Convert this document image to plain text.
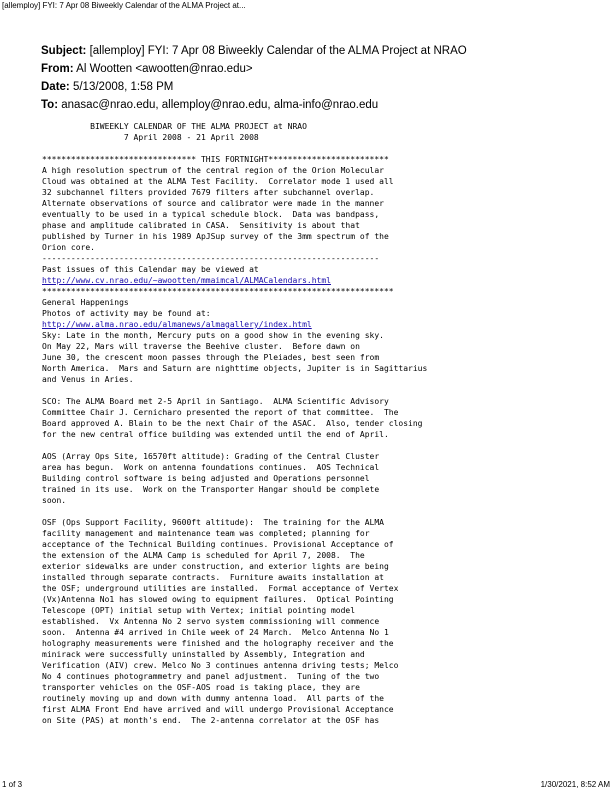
[allemploy] FYI: 7 Apr 08 Biweekly Calendar of the ALMA Project at...
Subject: [allemploy] FYI: 7 Apr 08 Biweekly Calendar of the ALMA Project at NRAO
From: Al Wootten <awootten@nrao.edu>
Date: 5/13/2008, 1:58 PM
To: anasac@nrao.edu, allemploy@nrao.edu, alma-info@nrao.edu
BIWEEKLY CALENDAR OF THE ALMA PROJECT at NRAO
7 April 2008 - 21 April 2008
******************************** THIS FORTNIGHT*************************
A high resolution spectrum of the central region of the Orion Molecular
Cloud was obtained at the ALMA Test Facility.  Correlator mode 1 used all
32 subchannel filters provided 7679 filters after subchannel overlap.
Alternate observations of source and calibrator were made in the manner
eventually to be used in a typical schedule block.  Data was bandpass,
phase and amplitude calibrated in CASA.  Sensitivity is about that
published by Turner in his 1989 ApJSup survey of the 3mm spectrum of the
Orion core.
----------------------------------------------------------------------
Past issues of this Calendar may be viewed at
http://www.cv.nrao.edu/~awootten/mmaimcal/ALMACalendars.html
*************************************************************************
General Happenings
Photos of activity may be found at:
http://www.alma.nrao.edu/almanews/almagallery/index.html
Sky: Late in the month, Mercury puts on a good show in the evening sky.
On May 22, Mars will traverse the Beehive cluster.  Before dawn on
June 30, the crescent moon passes through the Pleiades, best seen from
North America.  Mars and Saturn are nighttime objects, Jupiter is in Sagittarius
and Venus in Aries.
SCO: The ALMA Board met 2-5 April in Santiago.  ALMA Scientific Advisory
Committee Chair J. Cernicharo presented the report of that committee.  The
Board approved A. Blain to be the next Chair of the ASAC.  Also, tender closing
for the new central office building was extended until the end of April.
AOS (Array Ops Site, 16570ft altitude): Grading of the Central Cluster
area has begun.  Work on antenna foundations continues.  AOS Technical
Building control software is being adjusted and Operations personnel
trained in its use.  Work on the Transporter Hangar should be complete
soon.
OSF (Ops Support Facility, 9600ft altitude):  The training for the ALMA
facility management and maintenance team was completed; planning for
acceptance of the Technical Building continues. Provisional Acceptance of
the extension of the ALMA Camp is scheduled for April 7, 2008.  The
exterior sidewalks are under construction, and exterior lights are being
installed through separate contracts.  Furniture awaits installation at
the OSF; underground utilities are installed.  Formal acceptance of Vertex
(Vx)Antenna No1 has slowed owing to equipment failures.  Optical Pointing
Telescope (OPT) initial setup with Vertex; initial pointing model
established.  Vx Antenna No 2 servo system commissioning will commence
soon.  Antenna #4 arrived in Chile week of 24 March.  Melco Antenna No 1
holography measurements were finished and the holography receiver and the
minirack were successfully uninstalled by Assembly, Integration and
Verification (AIV) crew. Melco No 3 continues antenna driving tests; Melco
No 4 continues photogrammetry and panel adjustment.  Tuning of the two
transporter vehicles on the OSF-AOS road is taking place, they are
routinely moving up and down with dummy antenna load.  All parts of the
first ALMA Front End have arrived and will undergo Provisional Acceptance
on Site (PAS) at month's end.  The 2-antenna correlator at the OSF has
1 of 3	1/30/2021, 8:52 AM
